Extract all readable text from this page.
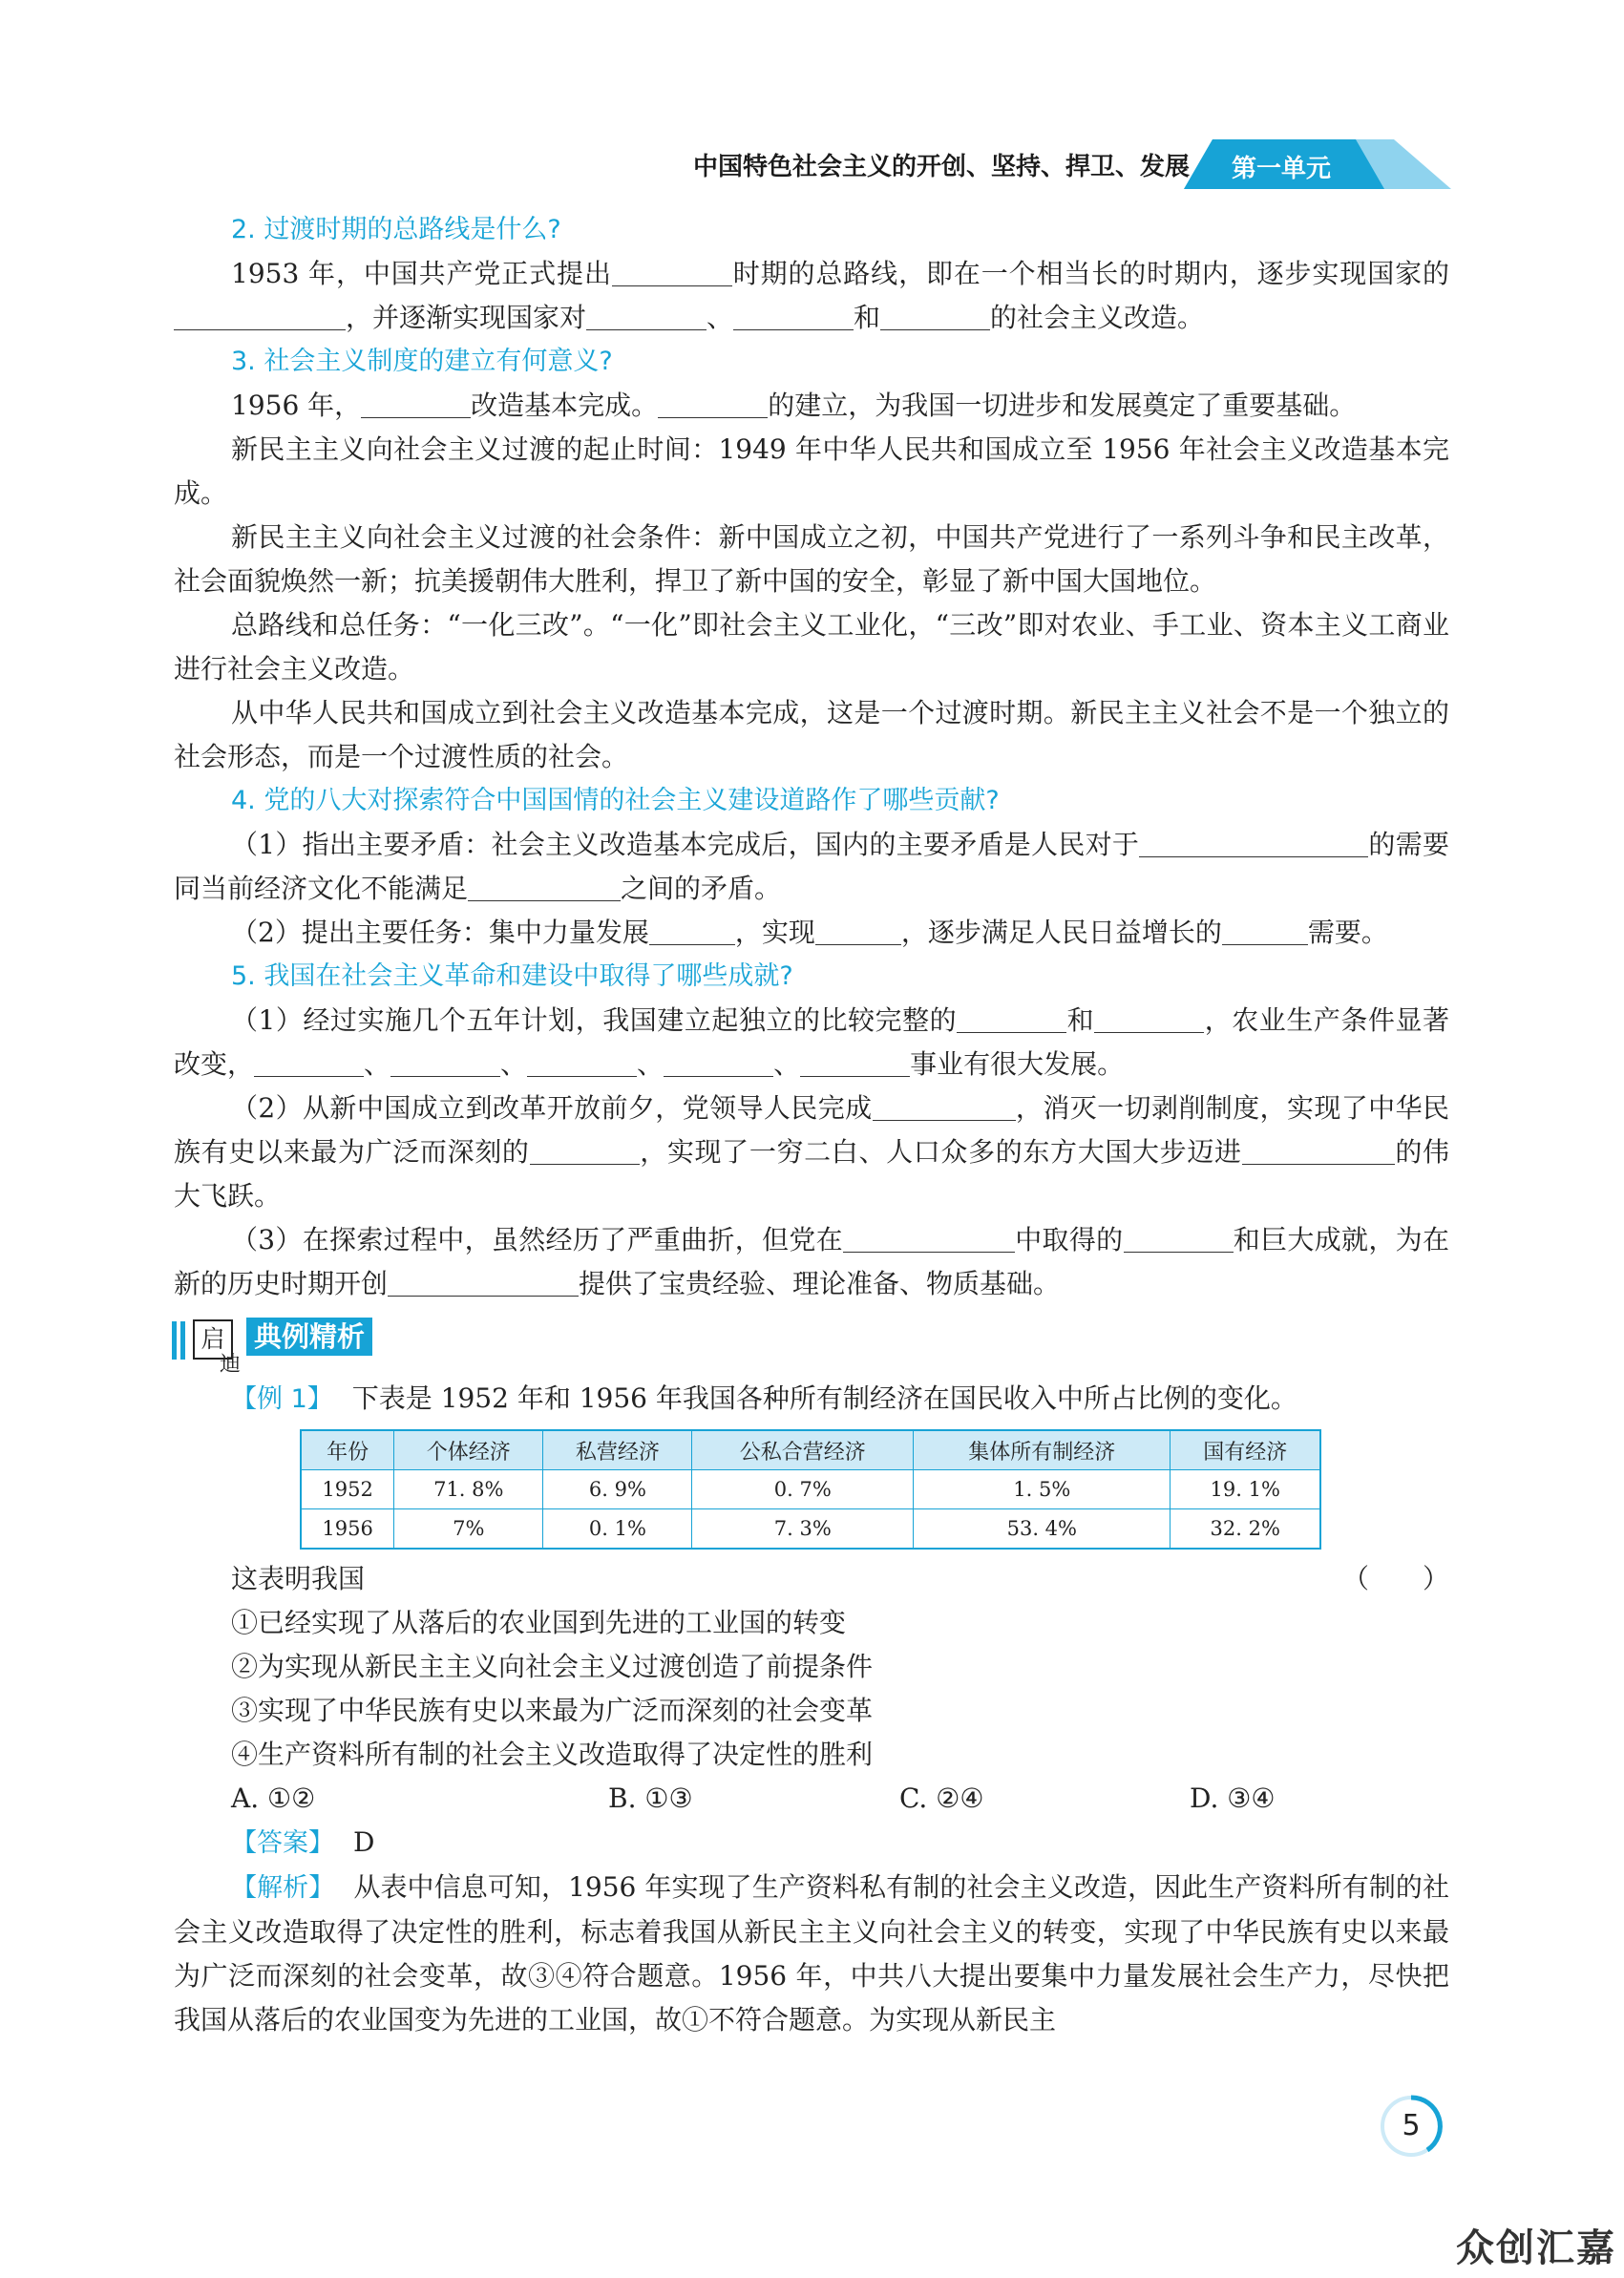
中国特色社会主义的开创、坚持、捍卫、发展 第一单元
2. 过渡时期的总路线是什么?
1953 年，中国共产党正式提出	时期的总路线，即在一个相当长的时期内，逐步实现国家的，并逐渐实现国家对	、	和	的社会主义改造。
3. 社会主义制度的建立有何意义?
1956 年，	改造基本完成。	的建立，为我国一切进步和发展奠定了重要基础。
新民主主义向社会主义过渡的起止时间：1949 年中华人民共和国成立至 1956 年社会主义改造基本完成。
新民主主义向社会主义过渡的社会条件：新中国成立之初，中国共产党进行了一系列斗争和民主改革，社会面貌焕然一新；抗美援朝伟大胜利，捍卫了新中国的安全，彰显了新中国大国地位。
总路线和总任务：“一化三改”。“一化”即社会主义工业化，“三改”即对农业、手工业、资本主义工商业进行社会主义改造。
从中华人民共和国成立到社会主义改造基本完成，这是一个过渡时期。新民主主义社会不是一个独立的社会形态，而是一个过渡性质的社会。
4. 党的八大对探索符合中国国情的社会主义建设道路作了哪些贡献?
（1）指出主要矛盾：社会主义改造基本完成后，国内的主要矛盾是人民对于	的需要同当前经济文化不能满足	之间的矛盾。
（2）提出主要任务：集中力量发展	，实现	，逐步满足人民日益增长的	需要。
5. 我国在社会主义革命和建设中取得了哪些成就?
（1）经过实施几个五年计划，我国建立起独立的比较完整的	和	，农业生产条件显著改变，	、	、	、	、	事业有很大发展。
（2）从新中国成立到改革开放前夕，党领导人民完成	，消灭一切剥削制度，实现了中华民族有史以来最为广泛而深刻的	，实现了一穷二白、人口众多的东方大国大步迈进	的伟大飞跃。
（3）在探索过程中，虽然经历了严重曲折，但党在	中取得的	和巨大成就，为在新的历史时期开创	提供了宝贵经验、理论准备、物质基础。
启
迪
典例精析
【例 1】 下表是 1952 年和 1956 年我国各种所有制经济在国民收入中所占比例的变化。
年份	个体经济	私营经济	公私合营经济	集体所有制经济	国有经济
1952	71. 8%	6. 9%	0. 7%	1. 5%	19. 1%
1956	7%	0. 1%	7. 3%	53. 4%	32. 2%
这表明我国	（　　）
①已经实现了从落后的农业国到先进的工业国的转变
②为实现从新民主主义向社会主义过渡创造了前提条件
③实现了中华民族有史以来最为广泛而深刻的社会变革
④生产资料所有制的社会主义改造取得了决定性的胜利
A. ①②	B. ①③	C. ②④	D. ③④
【答案】 D
【解析】 从表中信息可知，1956 年实现了生产资料私有制的社会主义改造，因此生产资料所有制的社会主义改造取得了决定性的胜利，标志着我国从新民主主义向社会主义的转变，实现了中华民族有史以来最为广泛而深刻的社会变革，故③④符合题意。1956 年，中共八大提出要集中力量发展社会生产力，尽快把我国从落后的农业国变为先进的工业国，故①不符合题意。为实现从新民主
5
众创汇嘉
